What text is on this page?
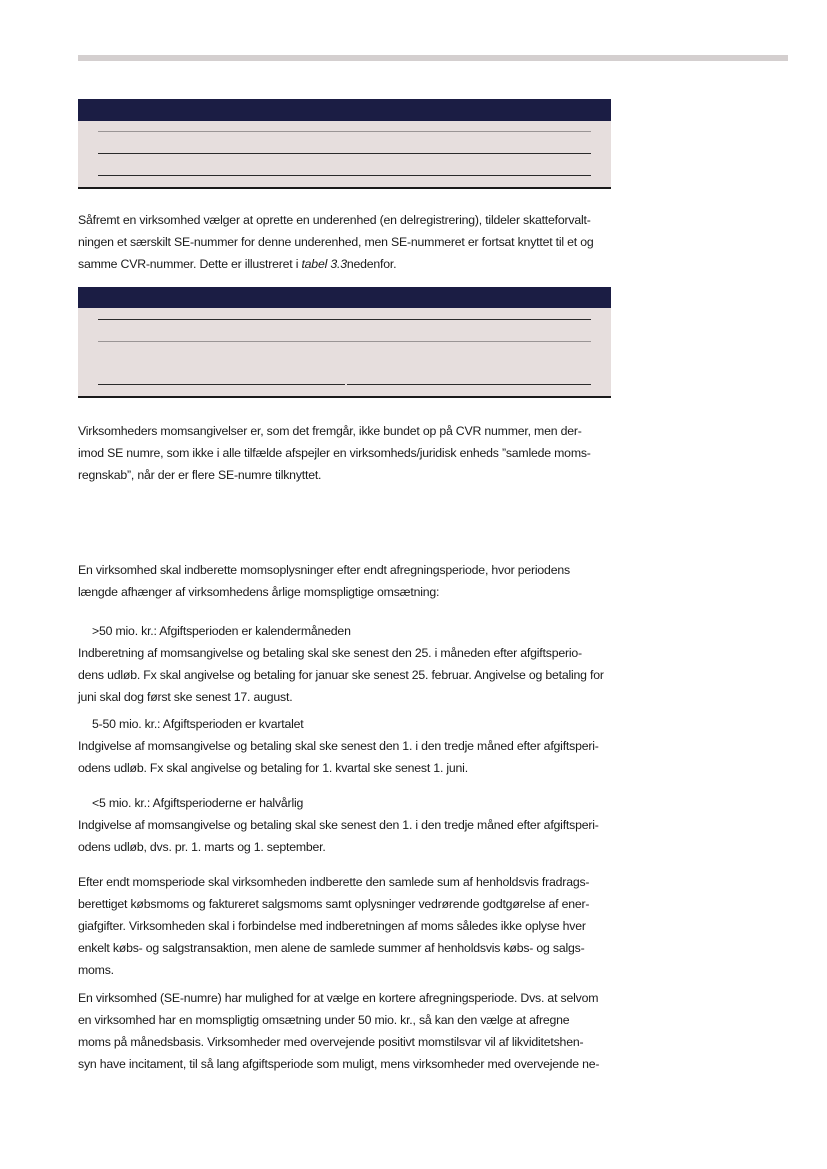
Såfremt en virksomhed vælger at oprette en underenhed (en delregistrering), tildeler skatteforvalt-

ningen et særskilt SE-nummer for denne underenhed, men SE-nummeret er fortsat knyttet til et og

samme CVR-nummer. Dette er illustreret i tabel 3.3nedenfor.

Virksomheders momsangivelser er, som det fremgår, ikke bundet op på CVR nummer, men der-

imod SE numre, som ikke i alle tilfælde afspejler en virksomheds/juridisk enheds ”samlede moms-

regnskab”, når der er flere SE-numre tilknyttet.

En virksomhed skal indberette momsoplysninger efter endt afregningsperiode, hvor periodens

længde afhænger af virksomhedens årlige momspligtige omsætning:

>50 mio. kr.: Afgiftsperioden er kalendermåneden

Indberetning af momsangivelse og betaling skal ske senest den 25. i måneden efter afgiftsperio-

dens udløb. Fx skal angivelse og betaling for januar ske senest 25. februar. Angivelse og betaling for

juni skal dog først ske senest 17. august.

5-50 mio. kr.: Afgiftsperioden er kvartalet

Indgivelse af momsangivelse og betaling skal ske senest den 1. i den tredje måned efter afgiftsperi-

odens udløb. Fx skal angivelse og betaling for 1. kvartal ske senest 1. juni.

<5 mio. kr.: Afgiftsperioderne er halvårlig

Indgivelse af momsangivelse og betaling skal ske senest den 1. i den tredje måned efter afgiftsperi-

odens udløb, dvs. pr. 1. marts og 1. september.

Efter endt momsperiode skal virksomheden indberette den samlede sum af henholdsvis fradrags-

berettiget købsmoms og faktureret salgsmoms samt oplysninger vedrørende godtgørelse af ener-

giafgifter. Virksomheden skal i forbindelse med indberetningen af moms således ikke oplyse hver

enkelt købs- og salgstransaktion, men alene de samlede summer af henholdsvis købs- og salgs-

moms.

En virksomhed (SE-numre) har mulighed for at vælge en kortere afregningsperiode. Dvs. at selvom

en virksomhed har en momspligtig omsætning under 50 mio. kr., så kan den vælge at afregne

moms på månedsbasis. Virksomheder med overvejende positivt momstilsvar vil af likviditetshen-

syn have incitament, til så lang afgiftsperiode som muligt, mens virksomheder med overvejende ne-
